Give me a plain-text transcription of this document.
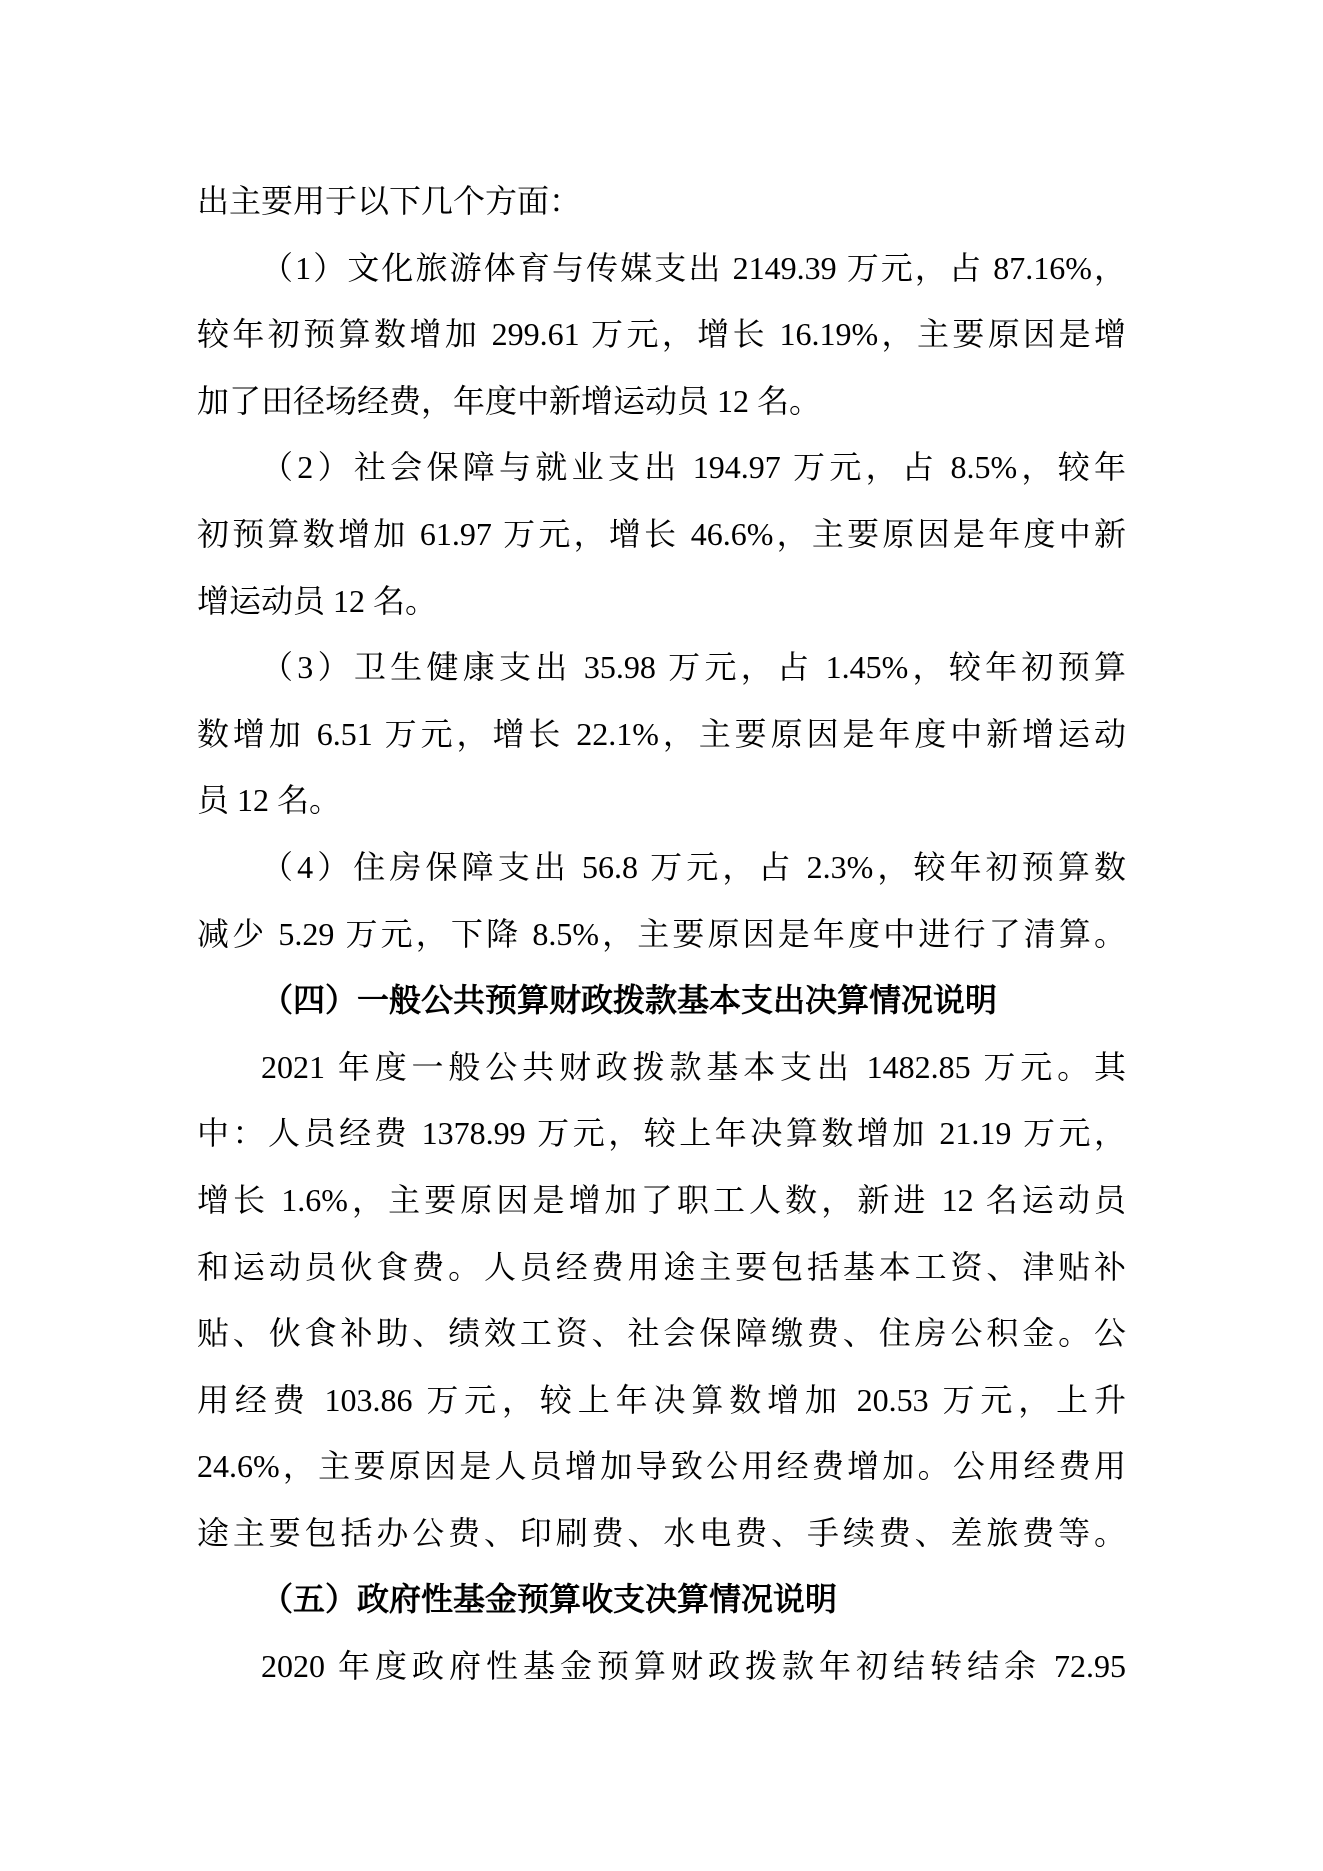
出主要用于以下几个方面：
（1）文化旅游体育与传媒支出 2149.39 万元，占 87.16%，
较年初预算数增加 299.61 万元，增长 16.19%，主要原因是增
加了田径场经费，年度中新增运动员 12 名。
（2）社会保障与就业支出 194.97 万元，占 8.5%，较年
初预算数增加 61.97 万元，增长 46.6%，主要原因是年度中新
增运动员 12 名。
（3）卫生健康支出 35.98 万元，占 1.45%，较年初预算
数增加 6.51 万元，增长 22.1%，主要原因是年度中新增运动
员 12 名。
（4）住房保障支出 56.8 万元，占 2.3%，较年初预算数
减少 5.29 万元，下降 8.5%，主要原因是年度中进行了清算。
（四）一般公共预算财政拨款基本支出决算情况说明
2021 年度一般公共财政拨款基本支出 1482.85 万元。其
中：人员经费 1378.99 万元，较上年决算数增加 21.19 万元，
增长 1.6%，主要原因是增加了职工人数，新进 12 名运动员
和运动员伙食费。人员经费用途主要包括基本工资、津贴补
贴、伙食补助、绩效工资、社会保障缴费、住房公积金。公
用经费 103.86 万元，较上年决算数增加 20.53 万元，上升
24.6%，主要原因是人员增加导致公用经费增加。公用经费用
途主要包括办公费、印刷费、水电费、手续费、差旅费等。
（五）政府性基金预算收支决算情况说明
2020 年度政府性基金预算财政拨款年初结转结余 72.95
